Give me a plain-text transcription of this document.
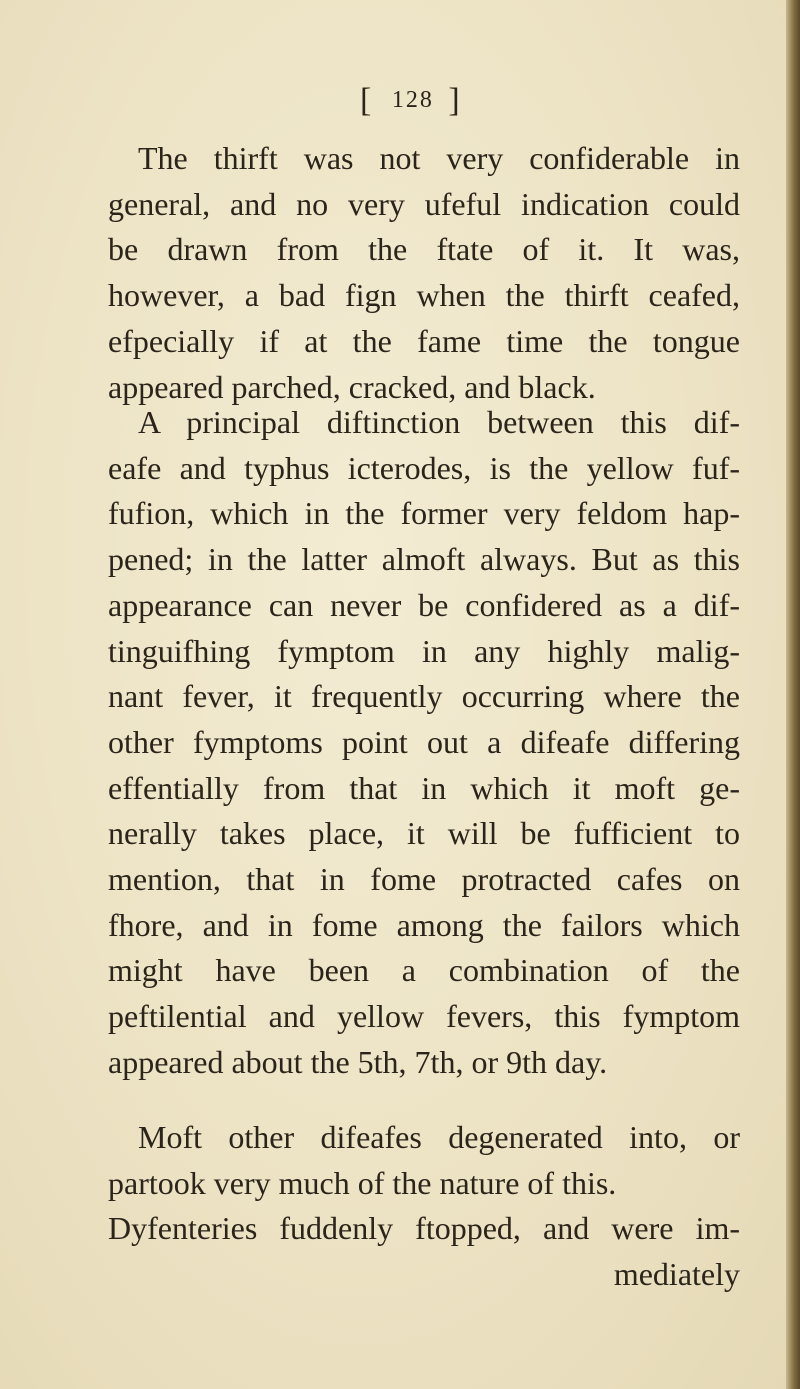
[ 128 ]
The thirft was not very confiderable in
general, and no very ufeful indication could
be drawn from the ftate of it. It was,
however, a bad fign when the thirft ceafed,
efpecially if at the fame time the tongue
appeared parched, cracked, and black.
A principal diftinction between this dif-
eafe and typhus icterodes, is the yellow fuf-
fufion, which in the former very feldom hap-
pened; in the latter almoft always. But as this
appearance can never be confidered as a dif-
tinguifhing fymptom in any highly malig-
nant fever, it frequently occurring where the
other fymptoms point out a difeafe differing
effentially from that in which it moft ge-
nerally takes place, it will be fufficient to
mention, that in fome protracted cafes on
fhore, and in fome among the failors which
might have been a combination of the
peftilential and yellow fevers, this fymptom
appeared about the 5th, 7th, or 9th day.
Moft other difeafes degenerated into, or
partook very much of the nature of this.
Dyfenteries fuddenly ftopped, and were im-
mediately
